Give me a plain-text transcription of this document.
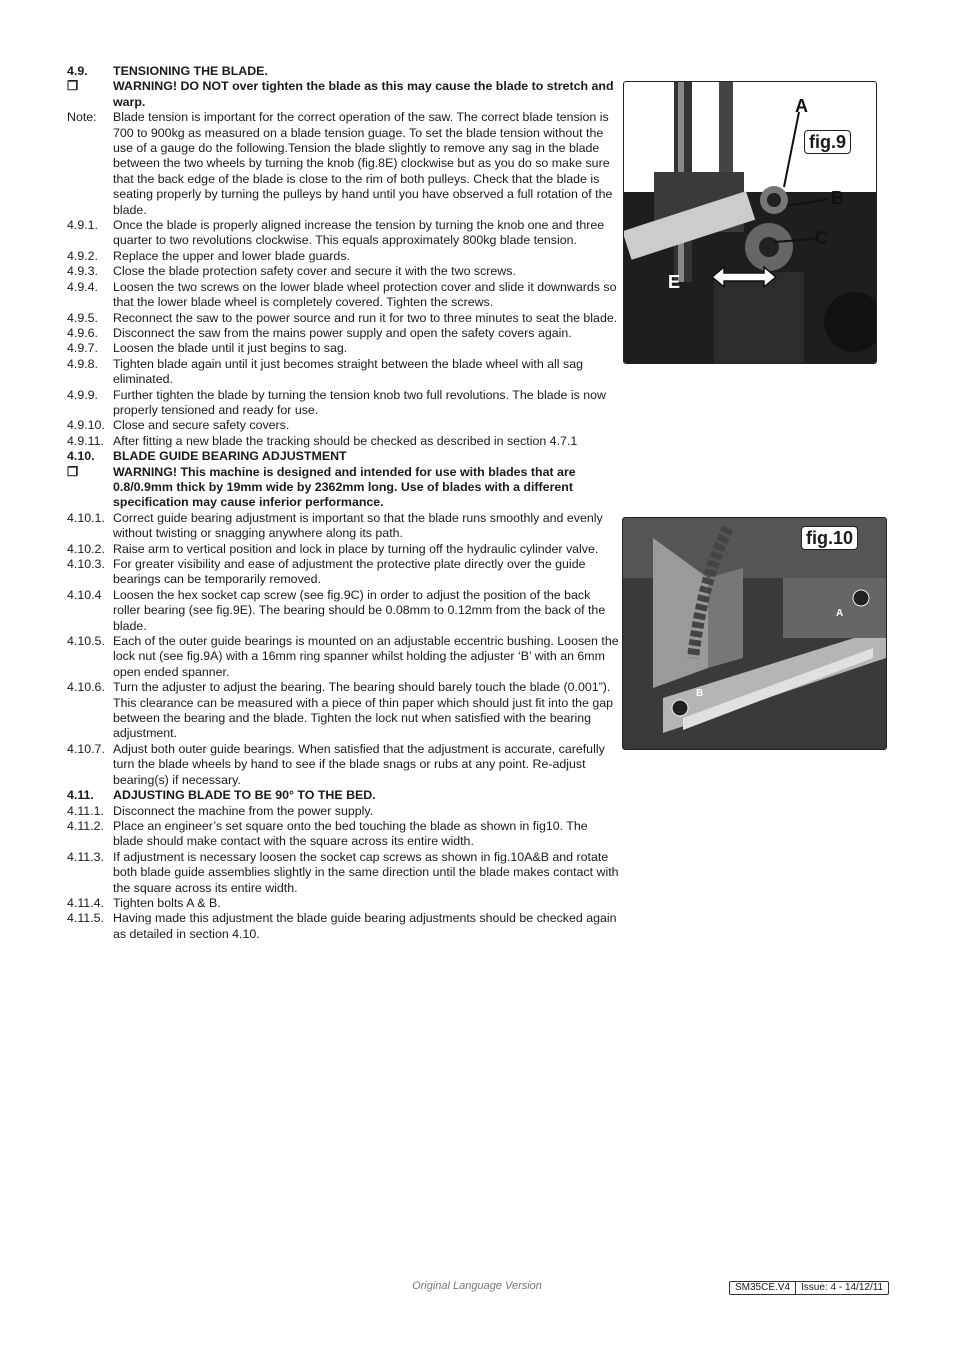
4.9.	TENSIONING THE BLADE.
❒	WARNING! DO NOT over tighten the blade as this may cause the blade to stretch and warp.
Note:	Blade tension is important for the correct operation of the saw. The correct blade tension is 700 to 900kg as measured on a blade tension guage. To set the blade tension without the use of a gauge do the following.Tension the blade slightly to remove any sag in the blade between the two wheels by turning the knob (fig.8E) clockwise but as you do so make sure that the back edge of the blade is close to the rim of both pulleys. Check that the blade is seating properly by turning the pulleys by hand until you have observed a full rotation of the blade.
4.9.1.	Once the blade is properly aligned increase the tension by turning the knob one and three quarter to two revolutions clockwise. This equals approximately 800kg blade tension.
4.9.2.	Replace the upper and lower blade guards.
4.9.3.	Close the blade protection safety cover and secure it with the two screws.
4.9.4.	Loosen the two screws on the lower blade wheel protection cover and slide it downwards so that the lower blade wheel is completely covered. Tighten the screws.
4.9.5.	Reconnect the saw to the power source and run it for two to three minutes to seat the blade.
4.9.6.	Disconnect the saw from the mains power supply and open the safety covers again.
4.9.7.	Loosen the blade until it just begins to sag.
4.9.8.	Tighten blade again until it just becomes straight between the blade wheel with all sag eliminated.
4.9.9.	Further tighten the blade by turning the tension knob two full revolutions. The blade is now properly tensioned and ready for use.
4.9.10. Close and secure safety covers.
4.9.11. After fitting a new blade the tracking should be checked as described in section 4.7.1
4.10.	BLADE GUIDE BEARING ADJUSTMENT
❒	WARNING! This machine is designed and intended for use with blades that are 0.8/0.9mm thick by 19mm wide by 2362mm long. Use of blades with a different specification may cause inferior performance.
4.10.1. Correct guide bearing adjustment is important so that the blade runs smoothly and evenly without twisting or snagging anywhere along its path.
4.10.2. Raise arm to vertical position and lock in place by turning off the hydraulic cylinder valve.
4.10.3. For greater visibility and ease of adjustment the protective plate directly over the guide bearings can be temporarily removed.
4.10.4 Loosen the hex socket cap screw (see fig.9C) in order to adjust the position of the back roller bearing (see fig.9E). The bearing should be 0.08mm to 0.12mm from the back of the blade.
4.10.5. Each of the outer guide bearings is mounted on an adjustable eccentric bushing. Loosen the lock nut (see fig.9A) with a 16mm ring spanner whilst holding the adjuster ‘B’ with an 6mm open ended spanner.
4.10.6. Turn the adjuster to adjust the bearing. The bearing should barely touch the blade (0.001”). This clearance can be measured with a piece of thin paper which should just fit into the gap between the bearing and the blade. Tighten the lock nut when satisfied with the bearing adjustment.
4.10.7. Adjust both outer guide bearings. When satisfied that the adjustment is accurate, carefully turn the blade wheels by hand to see if the blade snags or rubs at any point. Re-adjust bearing(s) if necessary.
4.11.	ADJUSTING BLADE TO BE 90° TO THE BED.
4.11.1. Disconnect the machine from the power supply.
4.11.2. Place an engineer’s set square onto the bed touching the blade as shown in fig10. The blade should make contact with the square across its entire width.
4.11.3. If adjustment is necessary loosen the socket cap screws as shown in fig.10A&B and rotate both blade guide assemblies slightly in the same direction until the blade makes contact with the square across its entire width.
4.11.4. Tighten bolts A & B.
4.11.5. Having made this adjustment the blade guide bearing adjustments should be checked again as detailed in section 4.10.
fig.9
A
B
C
E
fig.10
A
B
Original Language Version	SM35CE.V4	Issue: 4 - 14/12/11
